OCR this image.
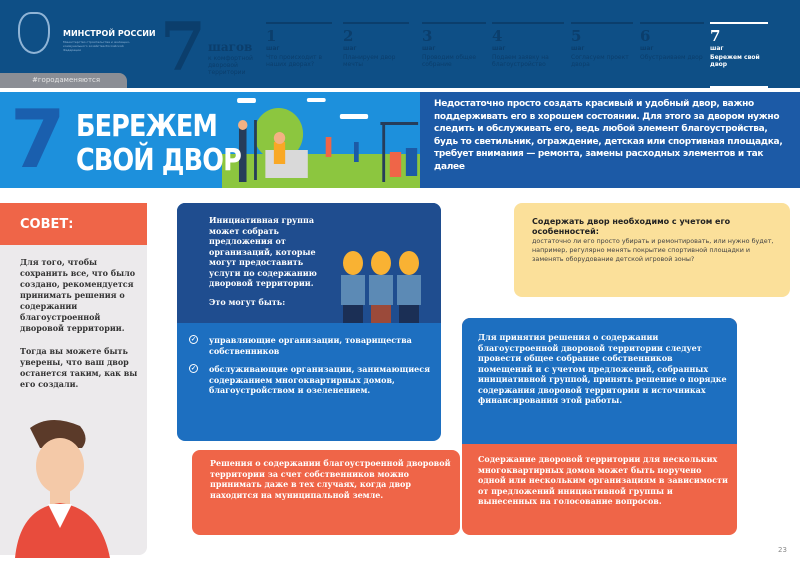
МИНСТРОЙ РОССИИ
Министерство строительства и жилищно-коммунального хозяйства Российской Федерации	7 шагов
к комфортной дворовой территории
1
шаг
Что происходит в наших дворах?
2
шаг
Планируем двор мечты
3
шаг
Проводим общее собрание
4
шаг
Подаем заявку на благоустройство
5
шаг
Согласуем проект двора
6
шаг
Обустраиваем двор
7
шаг
Бережем свой двор
#городаменяются
7 БЕРЕЖЕМ
СВОЙ ДВОР
Недостаточно просто создать красивый и удобный двор, важно поддерживать его в хорошем состоянии. Для этого за двором нужно следить и обслуживать его, ведь любой элемент благоустройства, будь то светильник, ограждение, детская или спортивная площадка, требует внимания — ремонта, замены расходных элементов и так далее
СОВЕТ:

Для того, чтобы сохранить все, что было создано, рекомендуется принимать решения о содержании благоустроенной дворовой территории.

Тогда вы можете быть уверены, что ваш двор останется таким, как вы его создали.

Инициативная группа может собрать предложения от организаций, которые могут предоставить услуги по содержанию дворовой территории.
Это могут быть:
✓ управляющие организации, товарищества собственников
✓ обслуживающие организации, занимающиеся содержанием многоквартирных домов, благоустройством и озеленением.
Содержать двор необходимо с учетом его особенностей:
достаточно ли его просто убирать и ремонтировать, или нужно будет, например, регулярно менять покрытие спортивной площадки и заменять оборудование детской игровой зоны?
Для принятия решения о содержании благоустроенной дворовой территории следует провести общее собрание собственников помещений и с учетом предложений, собранных инициативной группой, принять решение о порядке содержания дворовой территории и источниках финансирования этой работы.
Содержание дворовой территории для нескольких многоквартирных домов может быть поручено одной или нескольким организациям в зависимости от предложений инициативной группы и вынесенных на голосование вопросов.
Решения о содержании благоустроенной дворовой территории за счет собственников можно принимать даже в тех случаях, когда двор находится на муниципальной земле.
23
